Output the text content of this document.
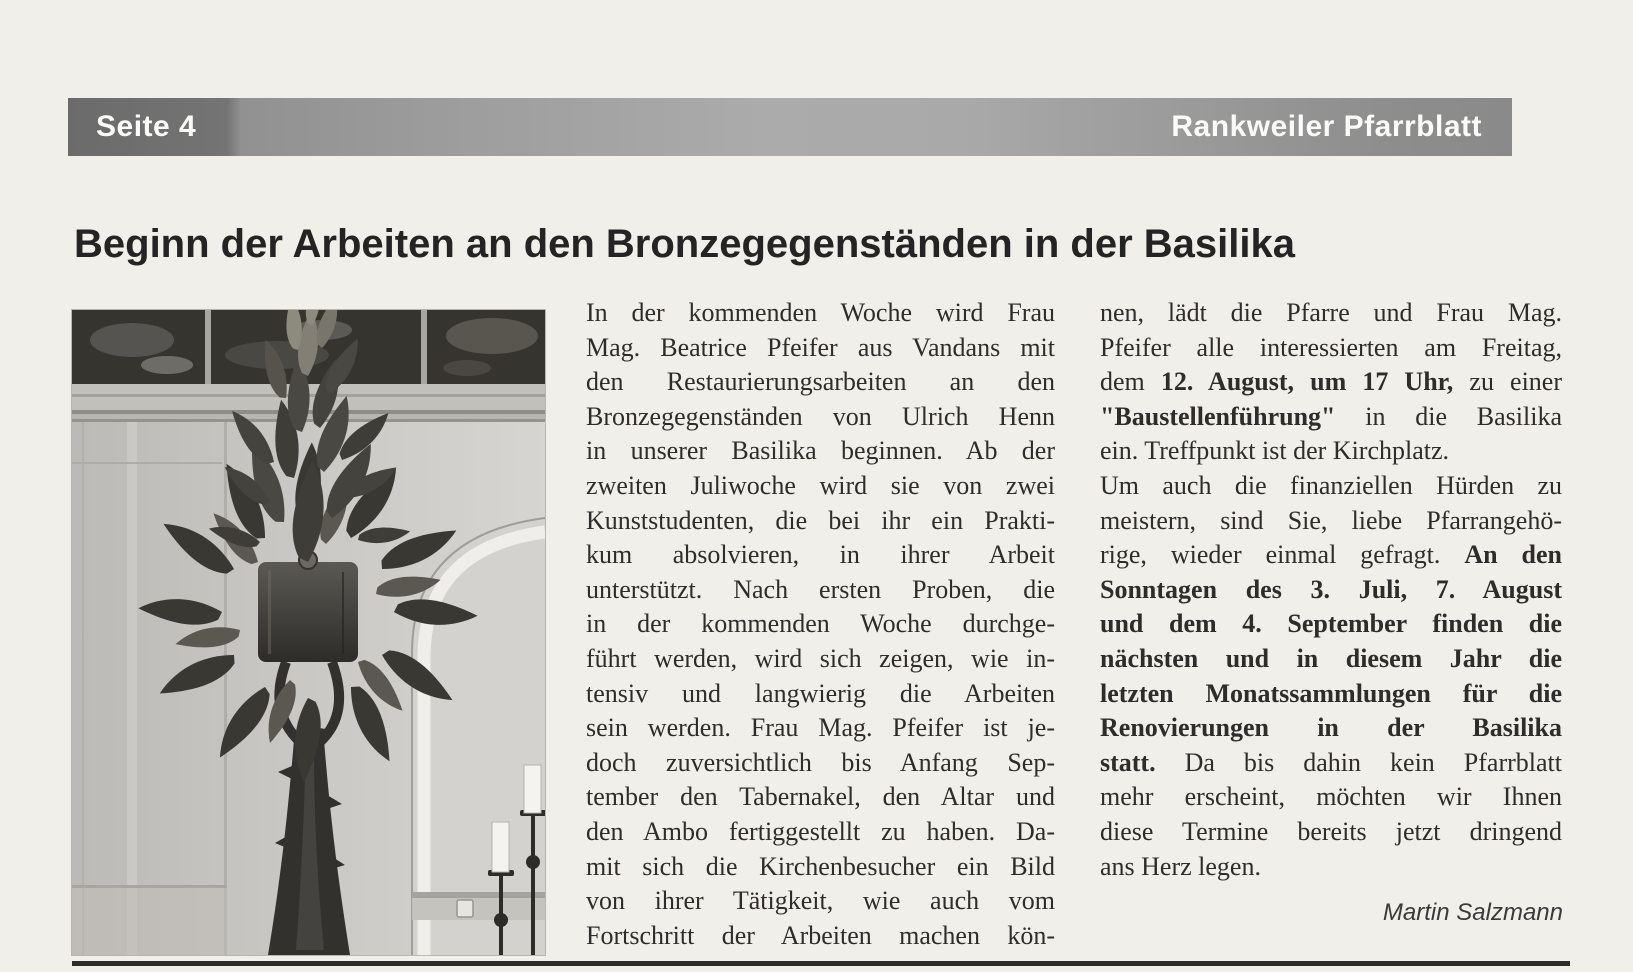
Seite 4	Rankweiler Pfarrblatt
Beginn der Arbeiten an den Bronzegegenständen in der Basilika
In der kommenden Woche wird Frau
Mag. Beatrice Pfeifer aus Vandans mit
den Restaurierungsarbeiten an den
Bronzegegenständen von Ulrich Henn
in unserer Basilika beginnen. Ab der
zweiten Juliwoche wird sie von zwei
Kunststudenten, die bei ihr ein Prakti-
kum absolvieren, in ihrer Arbeit
unterstützt. Nach ersten Proben, die
in der kommenden Woche durchge-
führt werden, wird sich zeigen, wie in-
tensiv und langwierig die Arbeiten
sein werden. Frau Mag. Pfeifer ist je-
doch zuversichtlich bis Anfang Sep-
tember den Tabernakel, den Altar und
den Ambo fertiggestellt zu haben. Da-
mit sich die Kirchenbesucher ein Bild
von ihrer Tätigkeit, wie auch vom
Fortschritt der Arbeiten machen kön-
nen, lädt die Pfarre und Frau Mag.
Pfeifer alle interessierten am Freitag,
dem 12. August, um 17 Uhr, zu einer
"Baustellenführung" in die Basilika
ein. Treffpunkt ist der Kirchplatz.
Um auch die finanziellen Hürden zu
meistern, sind Sie, liebe Pfarrangehö-
rige, wieder einmal gefragt. An den
Sonntagen des 3. Juli, 7. August
und dem 4. September finden die
nächsten und in diesem Jahr die
letzten Monatssammlungen für die
Renovierungen in der Basilika
statt. Da bis dahin kein Pfarrblatt
mehr erscheint, möchten wir Ihnen
diese Termine bereits jetzt dringend
ans Herz legen.
Martin Salzmann
